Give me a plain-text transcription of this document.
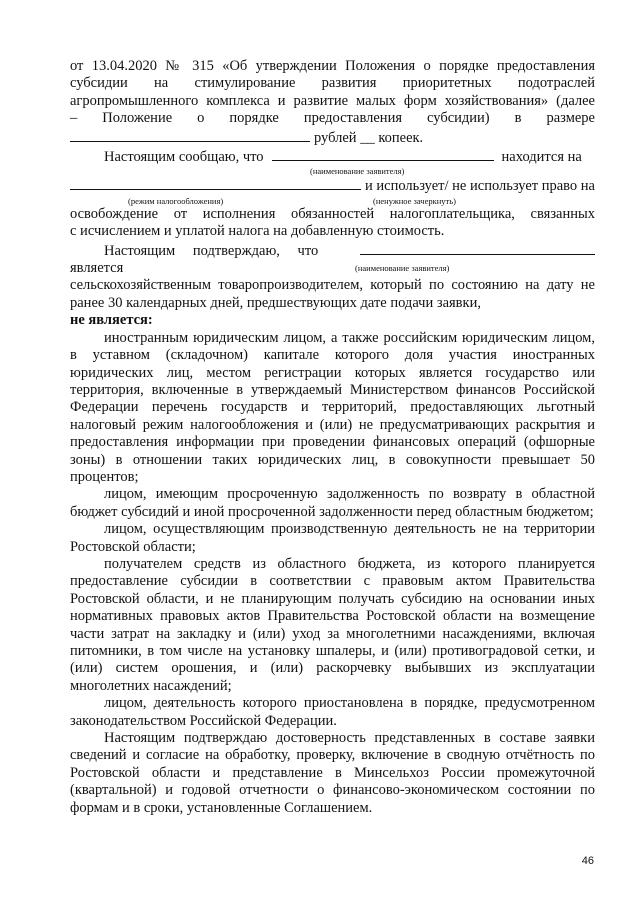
от 13.04.2020 № 315 «Об утверждении Положения о порядке предоставления

субсидии на стимулирование развития приоритетных подотраслей

агропромышленного комплекса и развитие малых форм хозяйствования» (далее

– Положение о порядке предоставления субсидии) в размере

рублей __ копеек.
Настоящим сообщаю, что	находится на
(наименование заявителя)
и использует/ не использует право на
(режим налогообложения)	(ненужное зачеркнуть)

освобождение от исполнения обязанностей налогоплательщика, связанных

с исчислением и уплатой налога на добавленную стоимость.

Настоящим подтверждаю, что
является	(наименование заявителя)

сельскохозяйственным товаропроизводителем, который по состоянию на дату не ранее 30 календарных дней, предшествующих дате подачи заявки,

не является:

иностранным юридическим лицом, а также российским юридическим лицом, в уставном (складочном) капитале которого доля участия иностранных юридических лиц, местом регистрации которых является государство или территория, включенные в утверждаемый Министерством финансов Российской Федерации перечень государств и территорий, предоставляющих льготный налоговый режим налогообложения и (или) не предусматривающих раскрытия и предоставления информации при проведении финансовых операций (офшорные зоны) в отношении таких юридических лиц, в совокупности превышает 50 процентов;

лицом, имеющим просроченную задолженность по возврату в областной бюджет субсидий и иной просроченной задолженности перед областным бюджетом;

лицом, осуществляющим производственную деятельность не на территории Ростовской области;

получателем средств из областного бюджета, из которого планируется предоставление субсидии в соответствии с правовым актом Правительства Ростовской области, и не планирующим получать субсидию на основании иных нормативных правовых актов Правительства Ростовской области на возмещение части затрат на закладку и (или) уход за многолетними насаждениями, включая питомники, в том числе на установку шпалеры, и (или) противоградовой сетки, и (или) систем орошения, и (или) раскорчевку выбывших из эксплуатации многолетних насаждений;

лицом, деятельность которого приостановлена в порядке, предусмотренном законодательством Российской Федерации.

Настоящим подтверждаю достоверность представленных в составе заявки сведений и согласие на обработку, проверку, включение в сводную отчётность по Ростовской области и представление в Минсельхоз России промежуточной (квартальной) и годовой отчетности о финансово-экономическом состоянии по формам и в сроки, установленные Соглашением.

46
